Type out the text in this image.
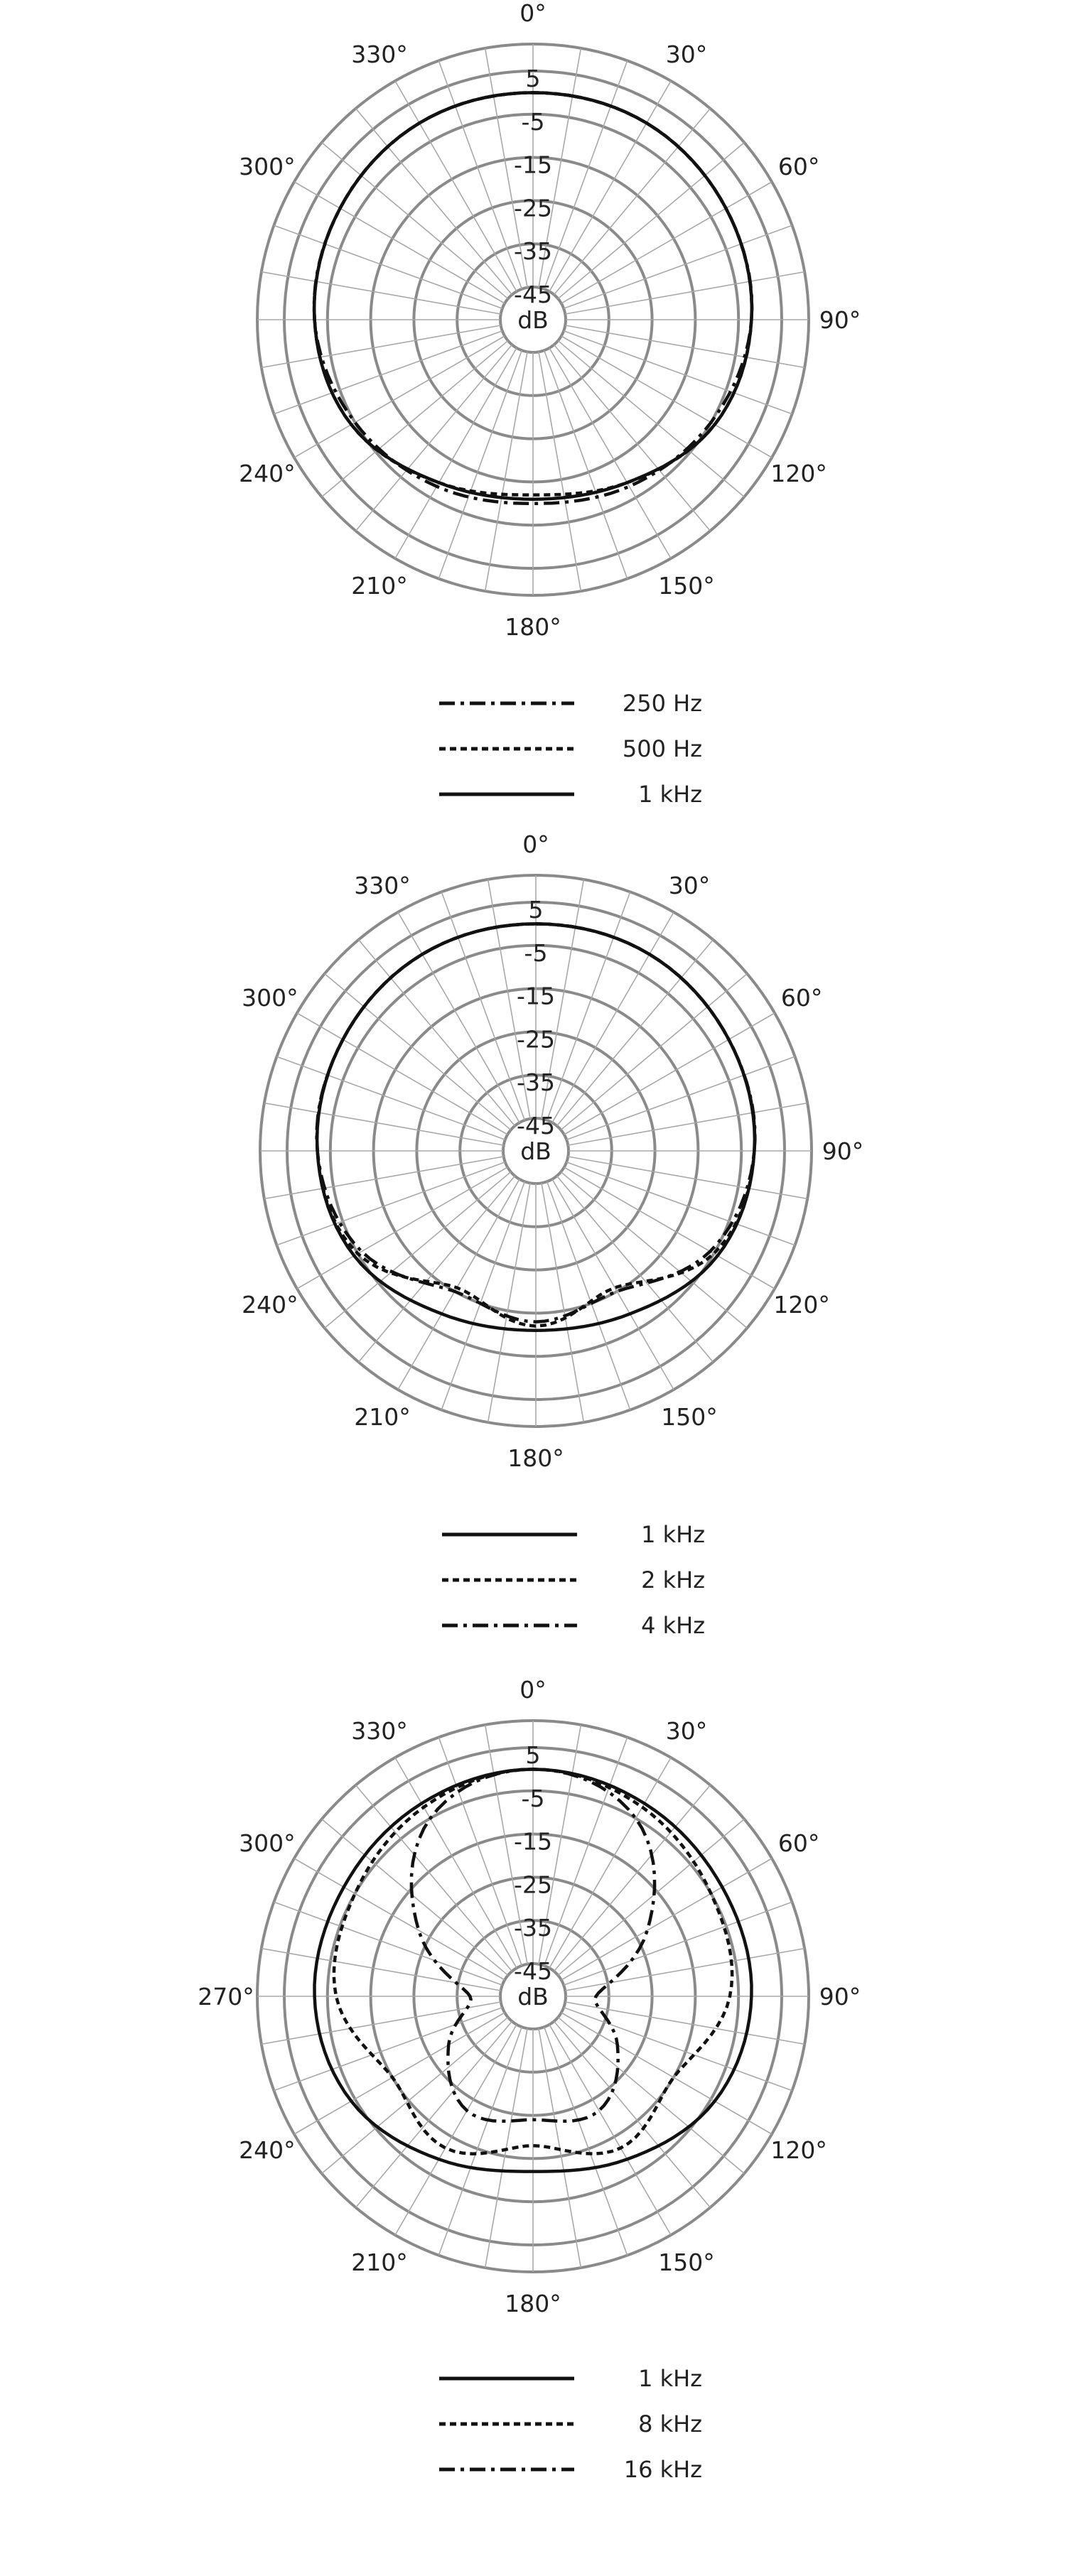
5
-5
-15
-25
-35
-45
dB
0°
30°
60°
90°
120°
150°
180°
210°
240°
300°
330°
250 Hz
500 Hz
1 kHz
5
-5
-15
-25
-35
-45
dB
0°
30°
60°
90°
120°
150°
180°
210°
240°
300°
330°
1 kHz
2 kHz
4 kHz
5
-5
-15
-25
-35
-45
dB
0°
30°
60°
90°
120°
150°
180°
210°
240°
270°
300°
330°
1 kHz
8 kHz
16 kHz
